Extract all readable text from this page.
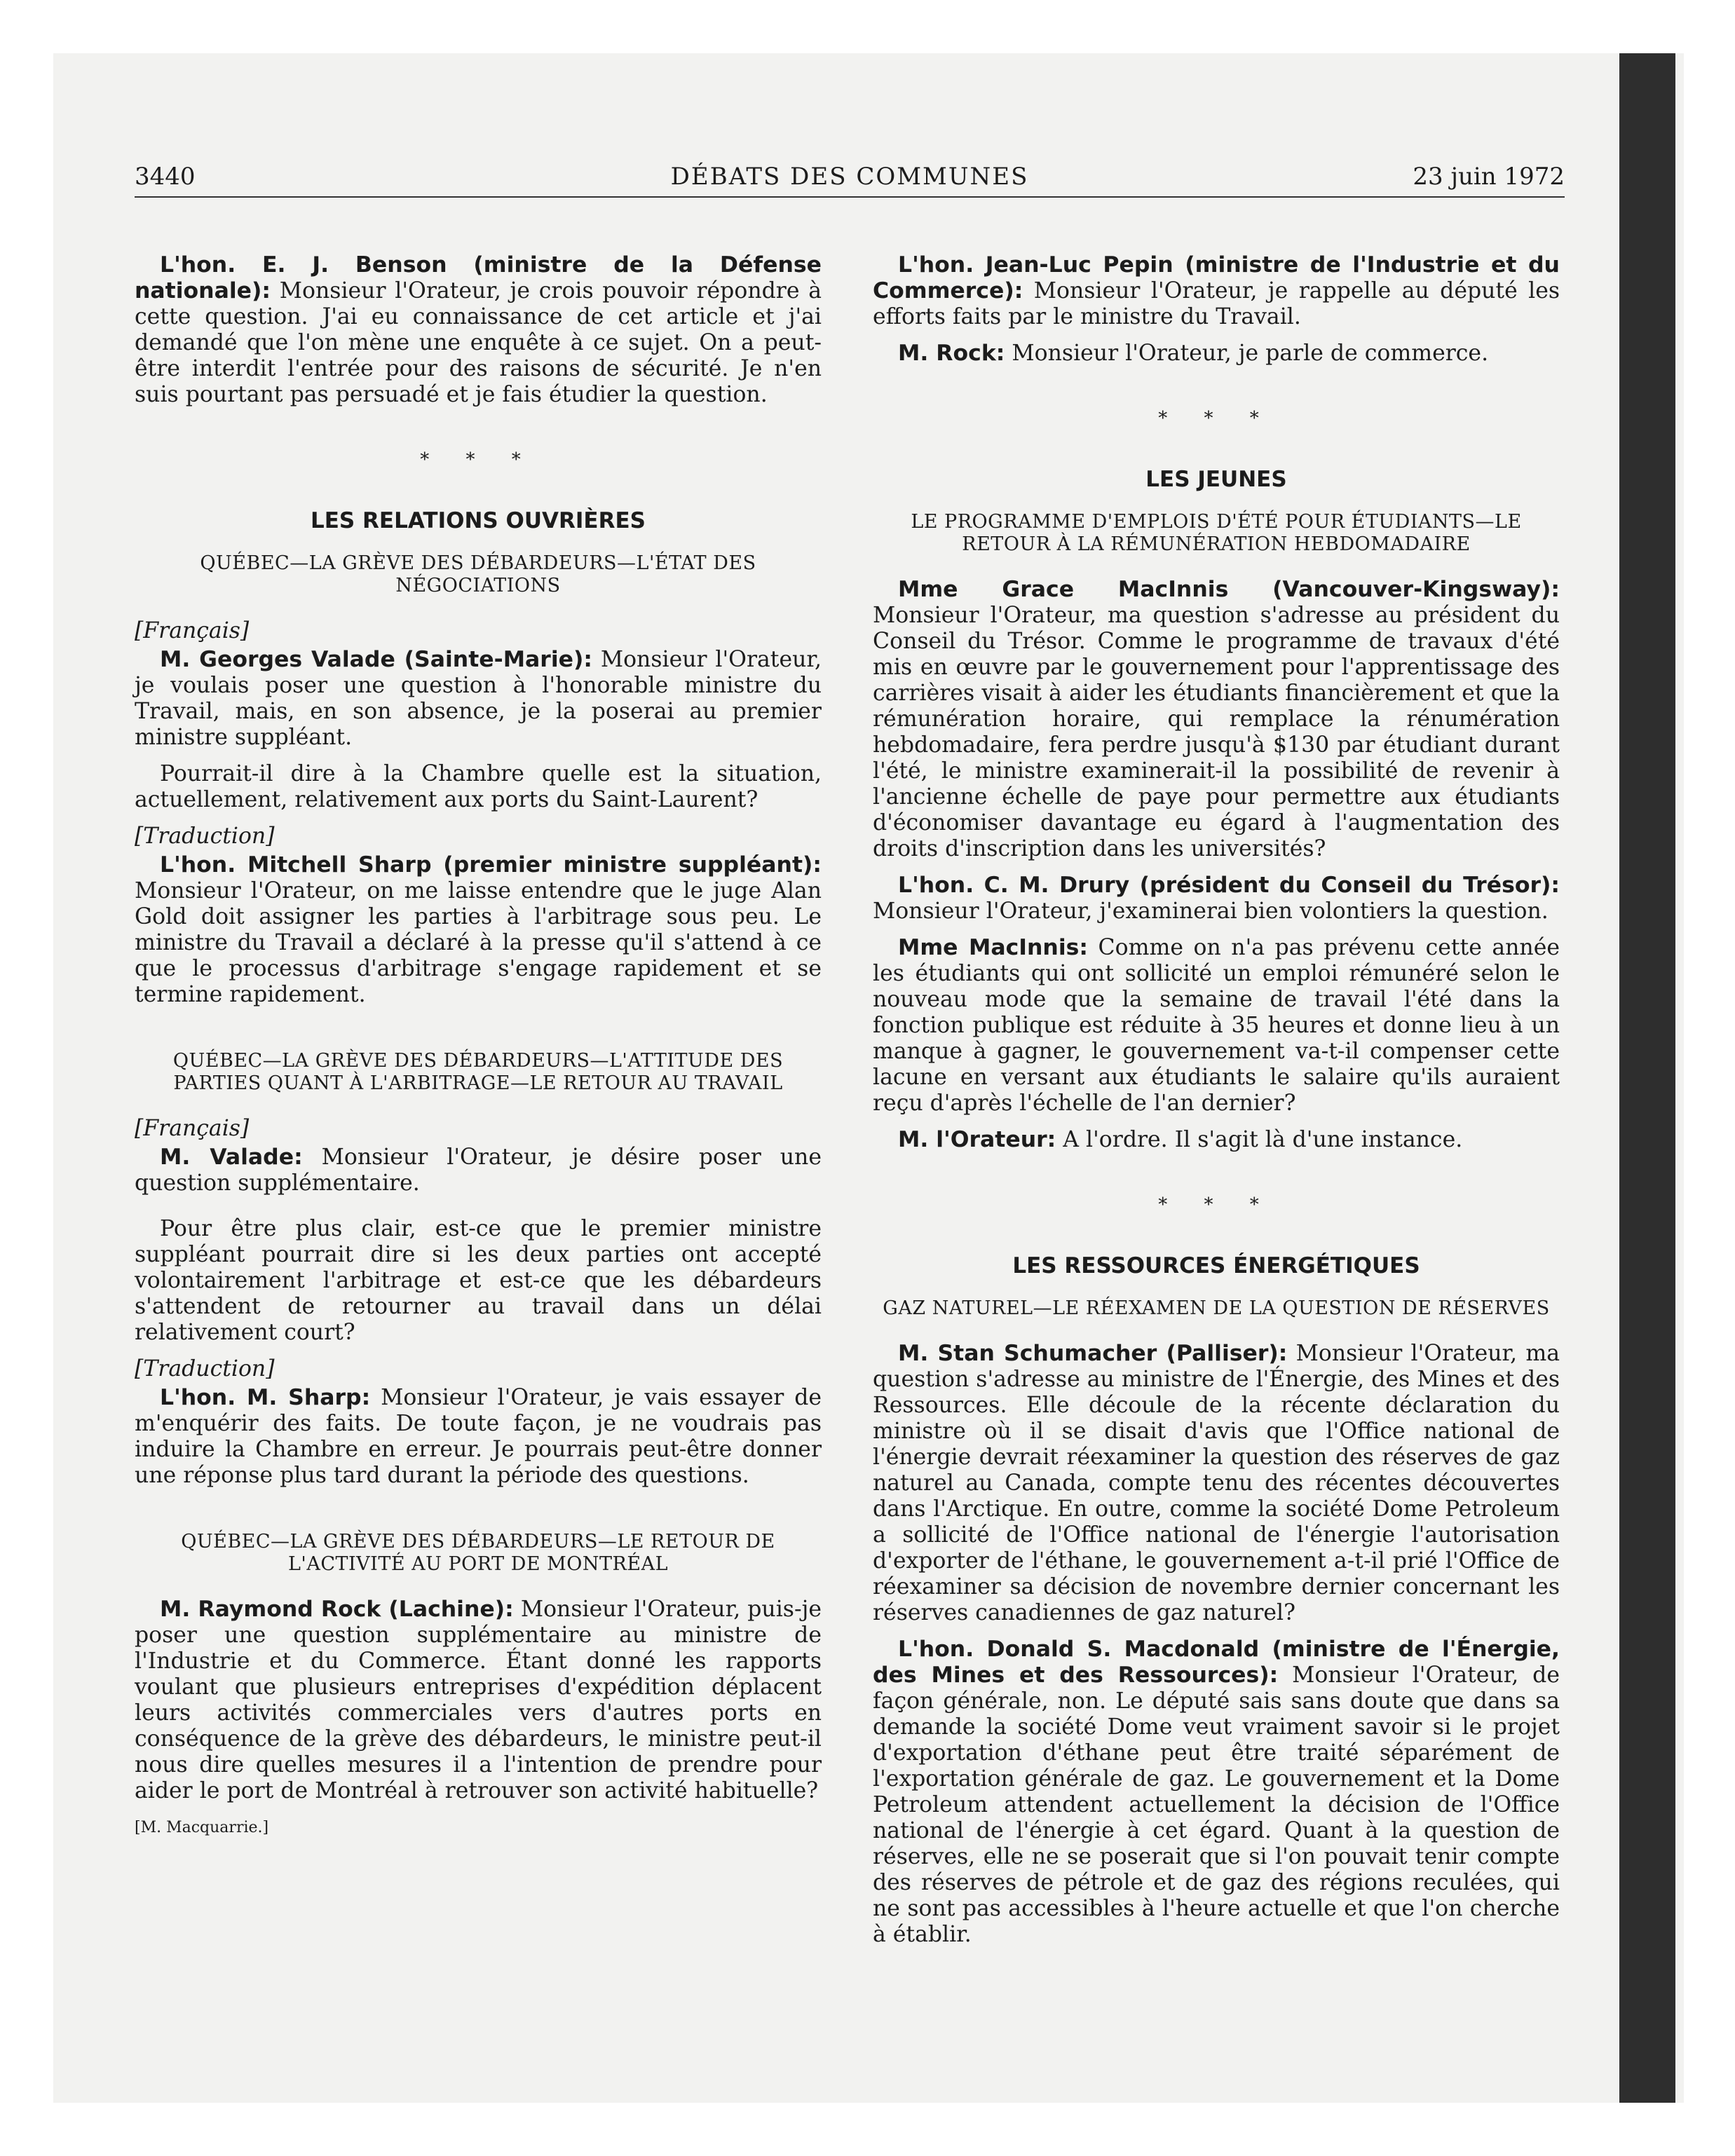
3440	DÉBATS DES COMMUNES	23 juin 1972

L'hon. E. J. Benson (ministre de la Défense nationale): Monsieur l'Orateur, je crois pouvoir répondre à cette question. J'ai eu connaissance de cet article et j'ai demandé que l'on mène une enquête à ce sujet. On a peut-être interdit l'entrée pour des raisons de sécurité. Je n'en suis pourtant pas persuadé et je fais étudier la question.

* * *
LES RELATIONS OUVRIÈRES
QUÉBEC—LA GRÈVE DES DÉBARDEURS—L'ÉTAT DES NÉGOCIATIONS
[Français]

M. Georges Valade (Sainte-Marie): Monsieur l'Orateur, je voulais poser une question à l'honorable ministre du Travail, mais, en son absence, je la poserai au premier ministre suppléant.

Pourrait-il dire à la Chambre quelle est la situation, actuellement, relativement aux ports du Saint-Laurent?

[Traduction]

L'hon. Mitchell Sharp (premier ministre suppléant): Monsieur l'Orateur, on me laisse entendre que le juge Alan Gold doit assigner les parties à l'arbitrage sous peu. Le ministre du Travail a déclaré à la presse qu'il s'attend à ce que le processus d'arbitrage s'engage rapidement et se termine rapidement.

QUÉBEC—LA GRÈVE DES DÉBARDEURS—L'ATTITUDE DES PARTIES QUANT À L'ARBITRAGE—LE RETOUR AU TRAVAIL
[Français]

M. Valade: Monsieur l'Orateur, je désire poser une question supplémentaire.

Pour être plus clair, est-ce que le premier ministre suppléant pourrait dire si les deux parties ont accepté volontairement l'arbitrage et est-ce que les débardeurs s'attendent de retourner au travail dans un délai relativement court?

[Traduction]

L'hon. M. Sharp: Monsieur l'Orateur, je vais essayer de m'enquérir des faits. De toute façon, je ne voudrais pas induire la Chambre en erreur. Je pourrais peut-être donner une réponse plus tard durant la période des questions.

QUÉBEC—LA GRÈVE DES DÉBARDEURS—LE RETOUR DE L'ACTIVITÉ AU PORT DE MONTRÉAL

M. Raymond Rock (Lachine): Monsieur l'Orateur, puis-je poser une question supplémentaire au ministre de l'Industrie et du Commerce. Étant donné les rapports voulant que plusieurs entreprises d'expédition déplacent leurs activités commerciales vers d'autres ports en conséquence de la grève des débardeurs, le ministre peut-il nous dire quelles mesures il a l'intention de prendre pour aider le port de Montréal à retrouver son activité habituelle?

[M. Macquarrie.]

L'hon. Jean-Luc Pepin (ministre de l'Industrie et du Commerce): Monsieur l'Orateur, je rappelle au député les efforts faits par le ministre du Travail.

M. Rock: Monsieur l'Orateur, je parle de commerce.

* * *
LES JEUNES
LE PROGRAMME D'EMPLOIS D'ÉTÉ POUR ÉTUDIANTS—LE RETOUR À LA RÉMUNÉRATION HEBDOMADAIRE

Mme Grace MacInnis (Vancouver-Kingsway): Monsieur l'Orateur, ma question s'adresse au président du Conseil du Trésor. Comme le programme de travaux d'été mis en œuvre par le gouvernement pour l'apprentissage des carrières visait à aider les étudiants financièrement et que la rémunération horaire, qui remplace la rénumération hebdomadaire, fera perdre jusqu'à $130 par étudiant durant l'été, le ministre examinerait-il la possibilité de revenir à l'ancienne échelle de paye pour permettre aux étudiants d'économiser davantage eu égard à l'augmentation des droits d'inscription dans les universités?

L'hon. C. M. Drury (président du Conseil du Trésor): Monsieur l'Orateur, j'examinerai bien volontiers la question.

Mme MacInnis: Comme on n'a pas prévenu cette année les étudiants qui ont sollicité un emploi rémunéré selon le nouveau mode que la semaine de travail l'été dans la fonction publique est réduite à 35 heures et donne lieu à un manque à gagner, le gouvernement va-t-il compenser cette lacune en versant aux étudiants le salaire qu'ils auraient reçu d'après l'échelle de l'an dernier?

M. l'Orateur: A l'ordre. Il s'agit là d'une instance.

* * *
LES RESSOURCES ÉNERGÉTIQUES
GAZ NATUREL—LE RÉEXAMEN DE LA QUESTION DE RÉSERVES

M. Stan Schumacher (Palliser): Monsieur l'Orateur, ma question s'adresse au ministre de l'Énergie, des Mines et des Ressources. Elle découle de la récente déclaration du ministre où il se disait d'avis que l'Office national de l'énergie devrait réexaminer la question des réserves de gaz naturel au Canada, compte tenu des récentes découvertes dans l'Arctique. En outre, comme la société Dome Petroleum a sollicité de l'Office national de l'énergie l'autorisation d'exporter de l'éthane, le gouvernement a-t-il prié l'Office de réexaminer sa décision de novembre dernier concernant les réserves canadiennes de gaz naturel?

L'hon. Donald S. Macdonald (ministre de l'Énergie, des Mines et des Ressources): Monsieur l'Orateur, de façon générale, non. Le député sais sans doute que dans sa demande la société Dome veut vraiment savoir si le projet d'exportation d'éthane peut être traité séparément de l'exportation générale de gaz. Le gouvernement et la Dome Petroleum attendent actuellement la décision de l'Office national de l'énergie à cet égard. Quant à la question de réserves, elle ne se poserait que si l'on pouvait tenir compte des réserves de pétrole et de gaz des régions reculées, qui ne sont pas accessibles à l'heure actuelle et que l'on cherche à établir.
